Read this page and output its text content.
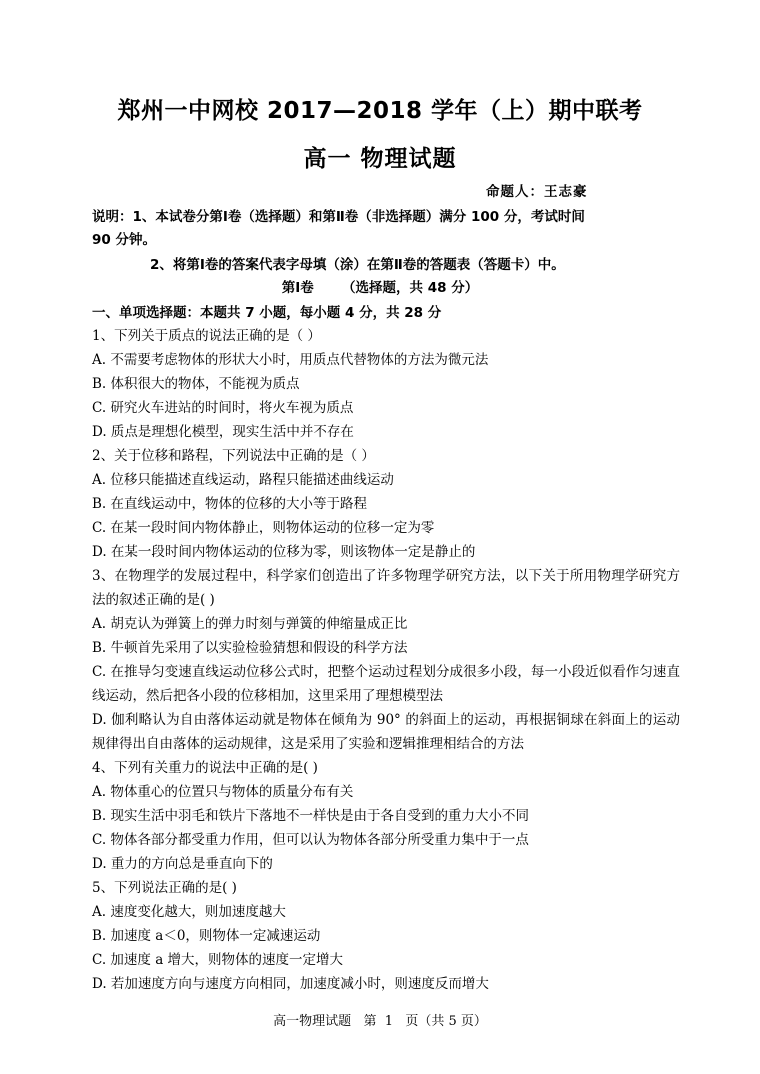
郑州一中网校 2017—2018 学年（上）期中联考
高一 物理试题
命题人：王志豪
说明：1、本试卷分第Ⅰ卷（选择题）和第Ⅱ卷（非选择题）满分 100 分，考试时间
90 分钟。
2、将第Ⅰ卷的答案代表字母填（涂）在第Ⅱ卷的答题表（答题卡）中。
第Ⅰ卷      （选择题，共 48 分）
一、单项选择题：本题共 7 小题，每小题 4 分，共 28 分
1、下列关于质点的说法正确的是（ ）
A. 不需要考虑物体的形状大小时，用质点代替物体的方法为微元法
B. 体积很大的物体，不能视为质点
C. 研究火车进站的时间时，将火车视为质点
D. 质点是理想化模型，现实生活中并不存在
2、关于位移和路程，下列说法中正确的是（ ）
A. 位移只能描述直线运动，路程只能描述曲线运动
B. 在直线运动中，物体的位移的大小等于路程
C. 在某一段时间内物体静止，则物体运动的位移一定为零
D. 在某一段时间内物体运动的位移为零，则该物体一定是静止的
3、在物理学的发展过程中，科学家们创造出了许多物理学研究方法，以下关于所用物理学研究方法的叙述正确的是( )
A. 胡克认为弹簧上的弹力时刻与弹簧的伸缩量成正比
B. 牛顿首先采用了以实验检验猜想和假设的科学方法
C. 在推导匀变速直线运动位移公式时，把整个运动过程划分成很多小段，每一小段近似看作匀速直线运动，然后把各小段的位移相加，这里采用了理想模型法
D. 伽利略认为自由落体运动就是物体在倾角为 90° 的斜面上的运动，再根据铜球在斜面上的运动规律得出自由落体的运动规律，这是采用了实验和逻辑推理相结合的方法
4、下列有关重力的说法中正确的是( )
A. 物体重心的位置只与物体的质量分布有关
B. 现实生活中羽毛和铁片下落地不一样快是由于各自受到的重力大小不同
C. 物体各部分都受重力作用，但可以认为物体各部分所受重力集中于一点
D. 重力的方向总是垂直向下的
5、下列说法正确的是( )
A. 速度变化越大，则加速度越大
B. 加速度 a＜0，则物体一定减速运动
C. 加速度 a 增大，则物体的速度一定增大
D. 若加速度方向与速度方向相同，加速度减小时，则速度反而增大
高一物理试题   第  1   页（共 5 页）
